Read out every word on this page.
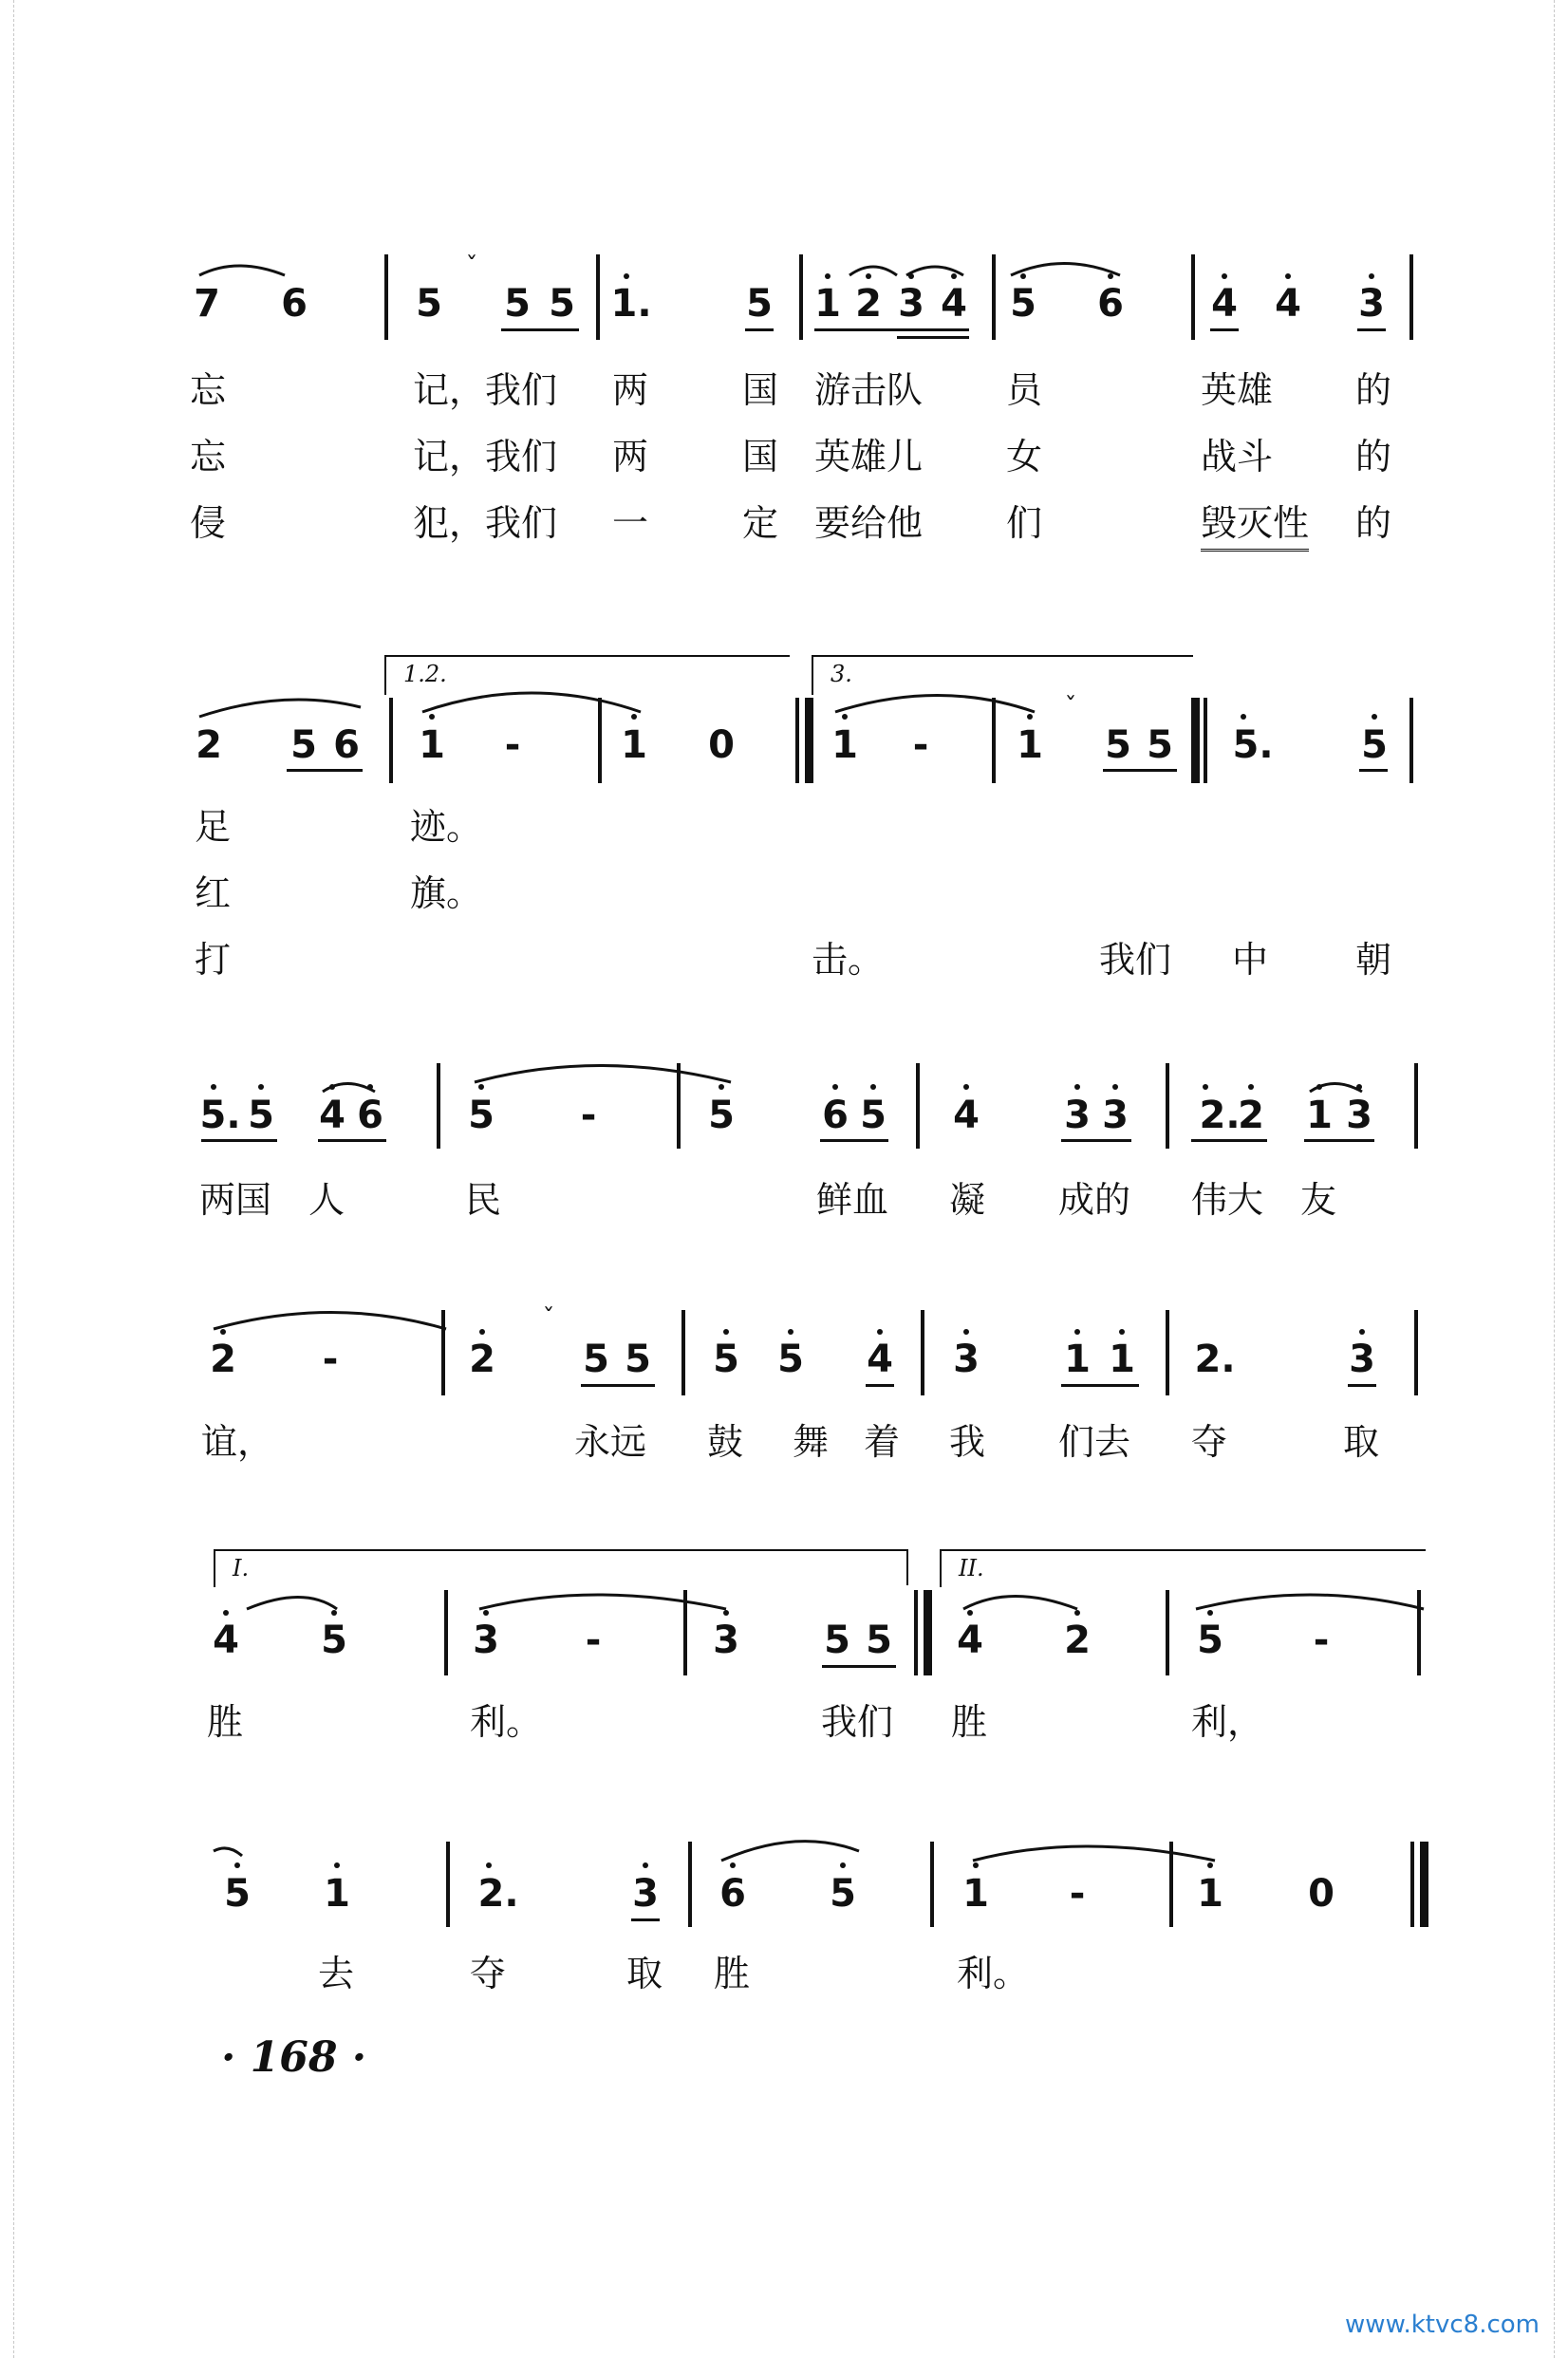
7 6	5
ˇ
5 5 1. 5 1 2 3 4 5 6 4 4 3
忘	记，我们 两	国 游击队 员	英雄 的
忘	记，我们 两	国 英雄儿 女	战斗 的
侵	犯，我们 一	定 要给他 们	毁灭性 的
1.2.	3.
2 5 6 1 -	1 0	1 - 1
ˇ
5 5 5. 5
足	迹。
红	旗。
打	击。	我们 中 朝
5. 5 4 6 5 -	5 6 5 4 3 3 2.
2 1 3
两国 人	民	鲜血 凝 成的 伟大 友
2 -	2
ˇ
5 5 5 5 4 3 1 1 2.	3
谊，	永远 鼓 舞 着 我 们去 夺	取
I.	II.
4 5	3 -	3 5 5 4 2	5 -
胜	利。	我们 胜	利，
5 1	2.	3 6 5	1 -	1 0
去	夺	取 胜	利。
· 168 ·
www.ktvc8.com
